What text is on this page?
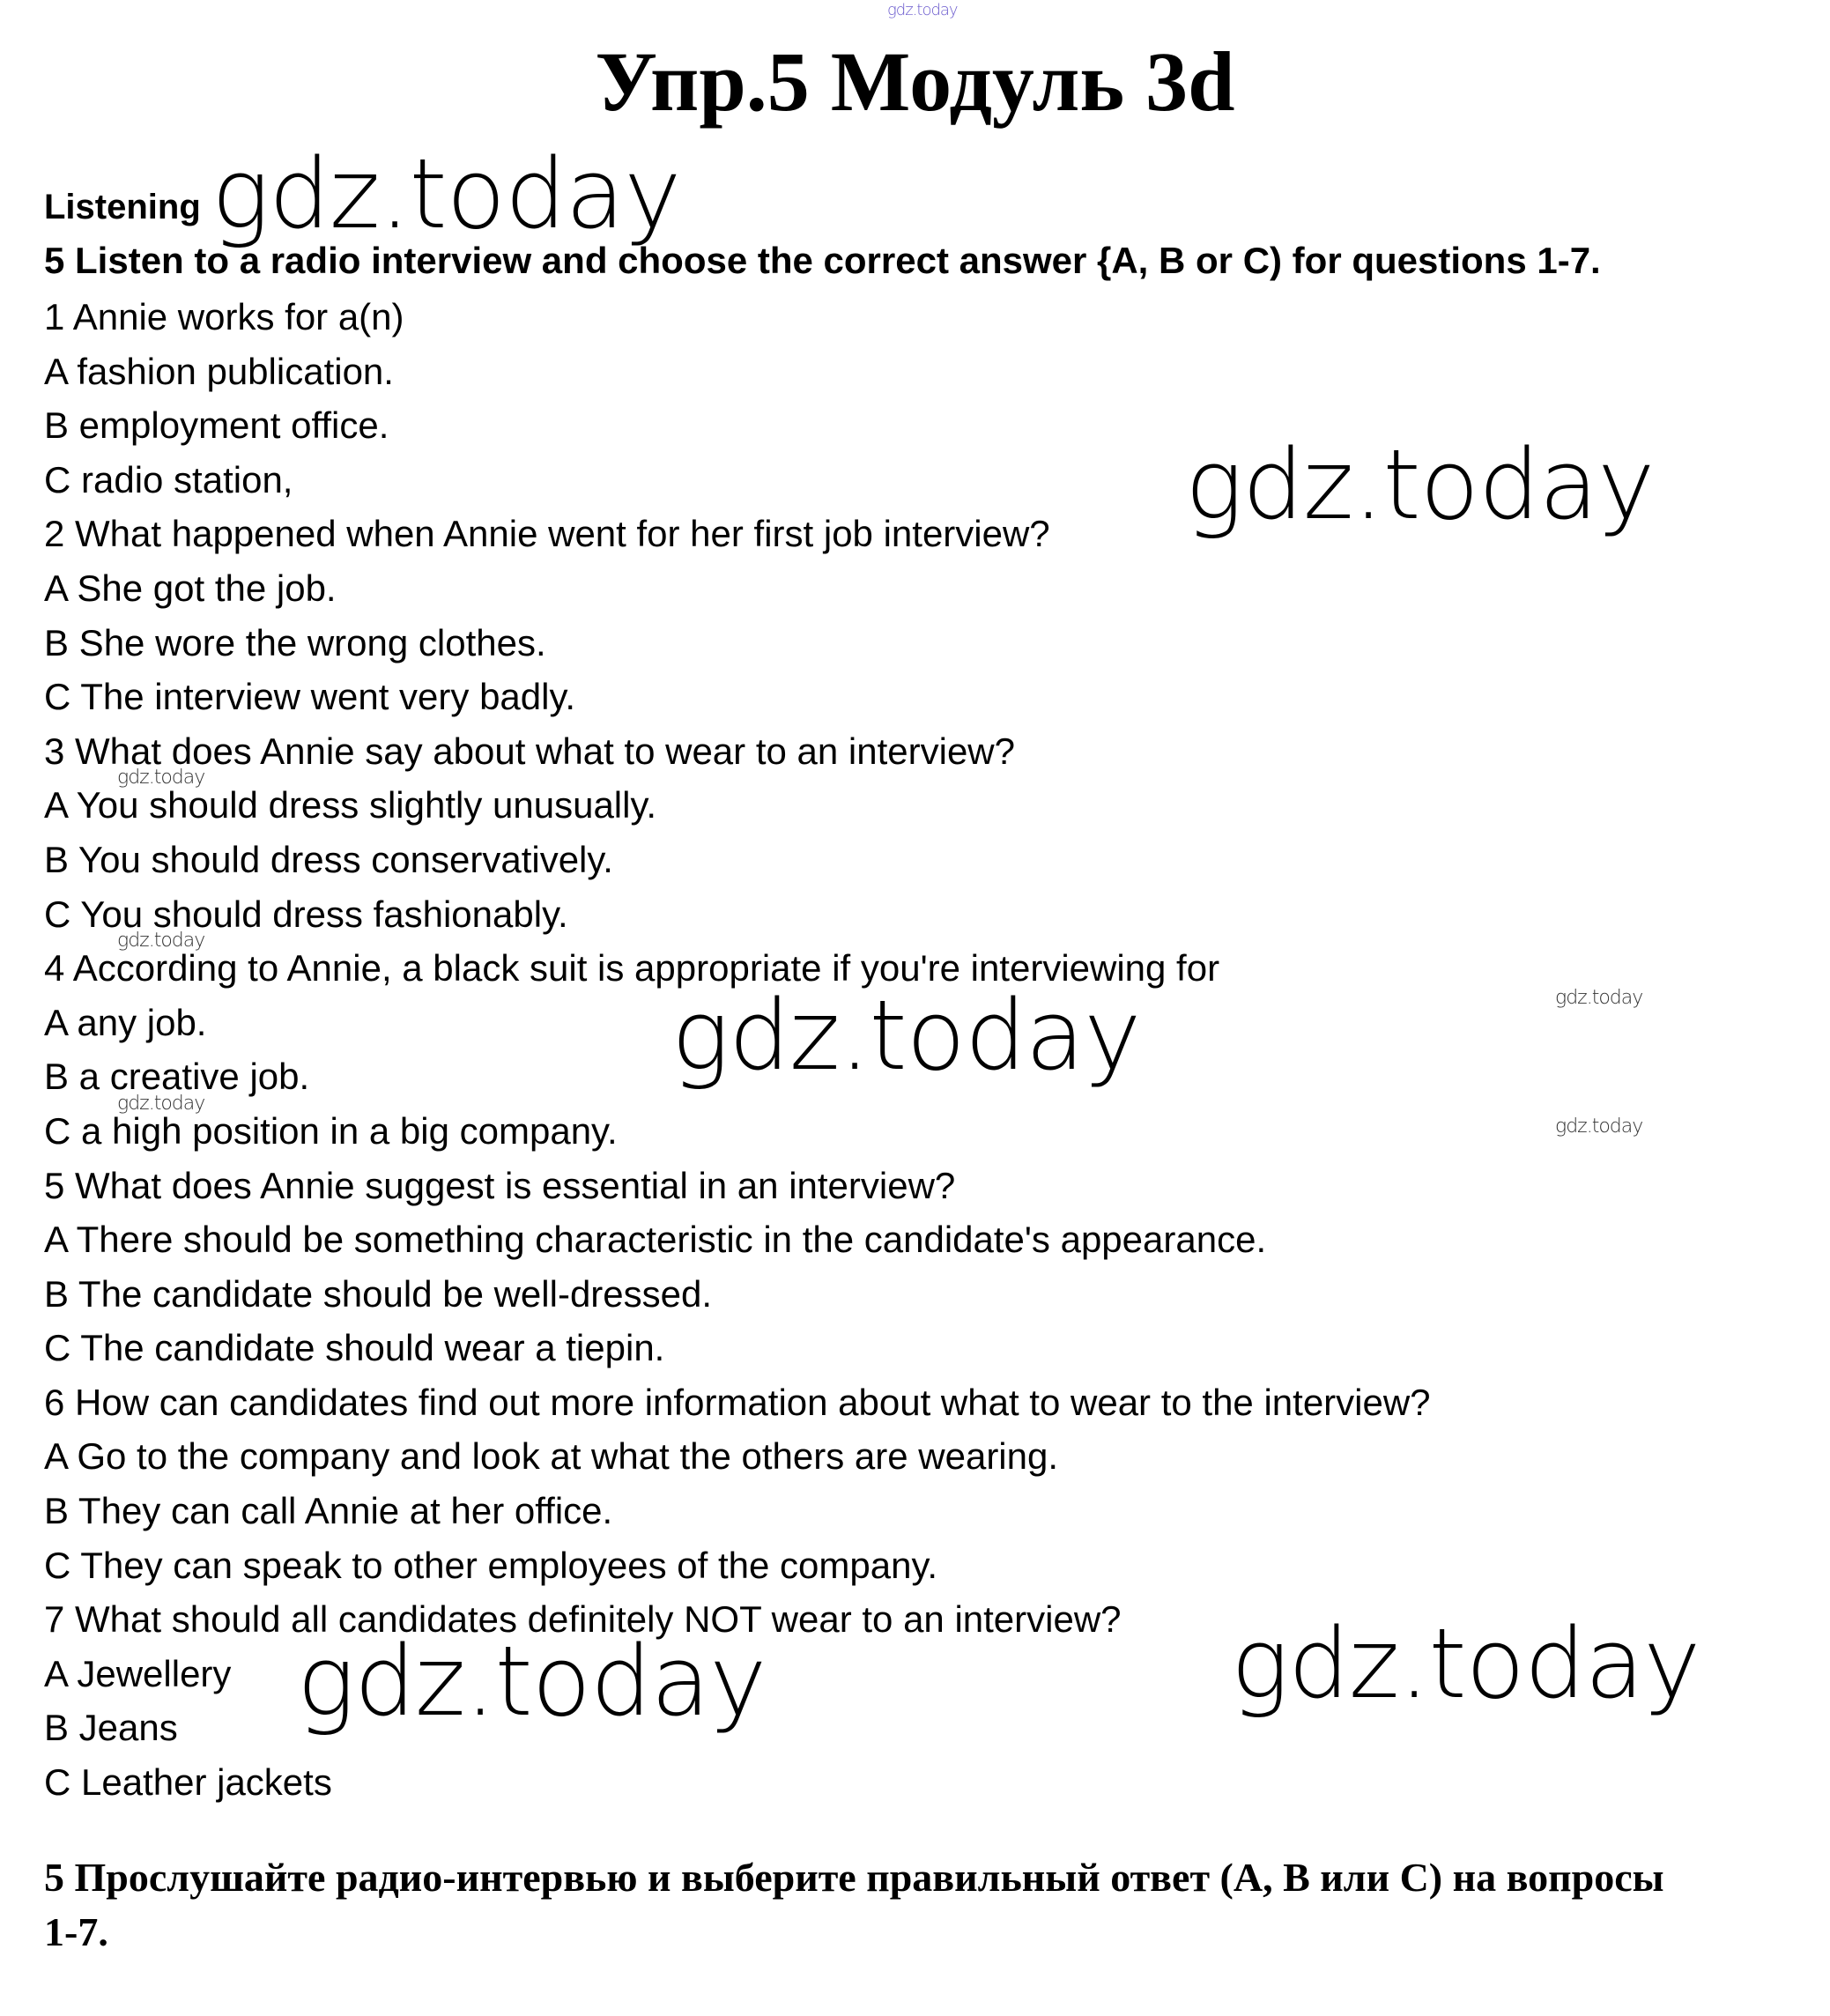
Упр.5 Модуль 3d
Listening
5 Listen to a radio interview and choose the correct answer {A, B or C) for questions 1-7.
1 Annie works for a(n)
A fashion publication.
B employment office.
C radio station,
2 What happened when Annie went for her first job interview?
A She got the job.
B She wore the wrong clothes.
C The interview went very badly.
3 What does Annie say about what to wear to an interview?
A You should dress slightly unusually.
B You should dress conservatively.
C You should dress fashionably.
4 According to Annie, a black suit is appropriate if you're interviewing for
A any job.
B a creative job.
C a high position in a big company.
5 What does Annie suggest is essential in an interview?
A There should be something characteristic in the candidate's appearance.
B The candidate should be well-dressed.
C The candidate should wear a tiepin.
6 How can candidates find out more information about what to wear to the interview?
A Go to the company and look at what the others are wearing.
B They can call Annie at her office.
C They can speak to other employees of the company.
7 What should all candidates definitely NOT wear to an interview?
A Jewellery
B Jeans
C Leather jackets
5 Прослушайте радио-интервью и выберите правильный ответ (А, В или С) на вопросы 1-7.
gdz.today
gdz.today
gdz.today
gdz.today
gdz.today
gdz.today	gdz.today
gdz.today
gdz.today
gdz.today
gdz.today
